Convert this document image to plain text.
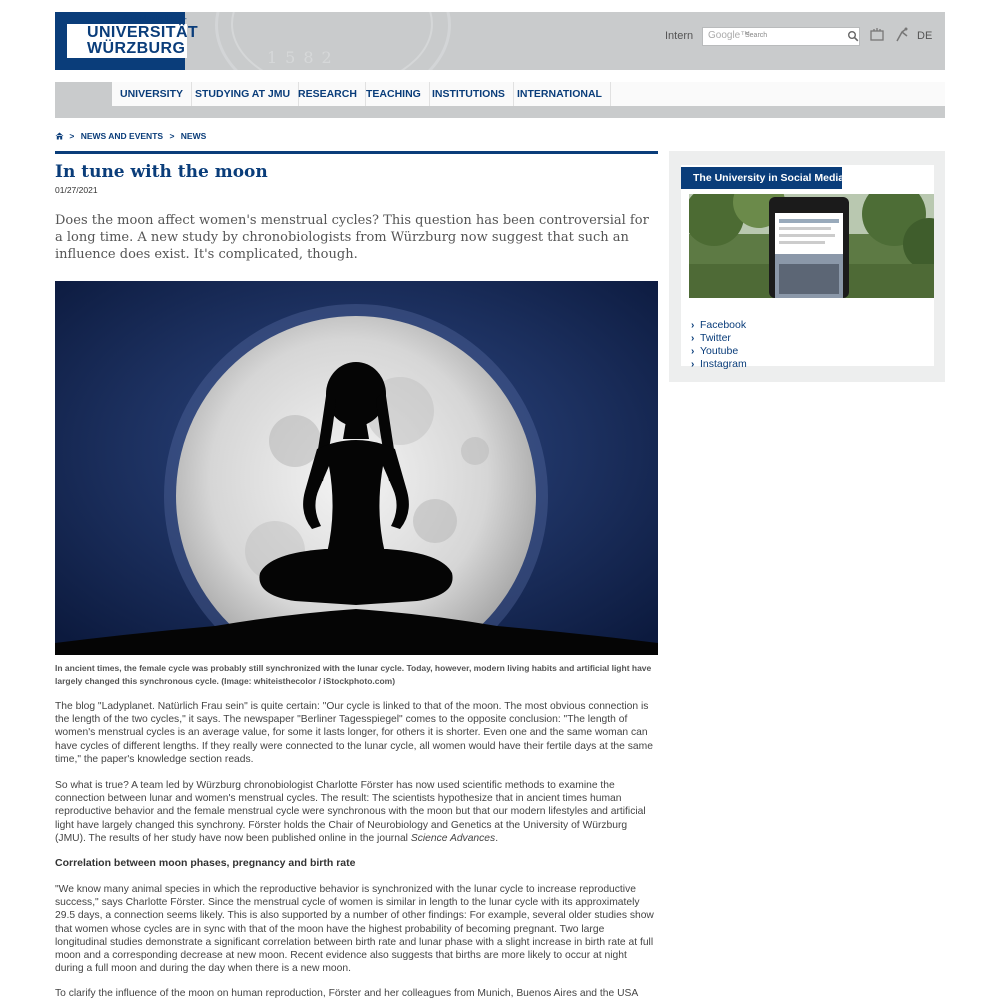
1582
Julius-Maximilians-
UNIVERSITÄT
WÜRZBURG
Intern Google™
Search	DE
UNIVERSITY	STUDYING AT JMU RESEARCH TEACHING	INSTITUTIONS	INTERNATIONAL
> NEWS AND EVENTS > NEWS
In tune with the moon
01/27/2021

Does the moon affect women's menstrual cycles? This question has been controversial for a long time. A new study by chronobiologists from Würzburg now suggest that such an influence does exist. It's complicated, though.

In ancient times, the female cycle was probably still synchronized with the lunar cycle. Today, however, modern living habits and artificial light have largely changed this synchronous cycle. (Image: whiteisthecolor / iStockphoto.com)

The blog "Ladyplanet. Natürlich Frau sein" is quite certain: "Our cycle is linked to that of the moon. The most obvious connection is the length of the two cycles," it says. The newspaper "Berliner Tagesspiegel" comes to the opposite conclusion: "The length of women's menstrual cycles is an average value, for some it lasts longer, for others it is shorter. Even one and the same woman can have cycles of different lengths. If they really were connected to the lunar cycle, all women would have their fertile days at the same time," the paper's knowledge section reads.

So what is true? A team led by Würzburg chronobiologist Charlotte Förster has now used scientific methods to examine the connection between lunar and women's menstrual cycles. The result: The scientists hypothesize that in ancient times human reproductive behavior and the female menstrual cycle were synchronous with the moon but that our modern lifestyles and artificial light have largely changed this synchrony. Förster holds the Chair of Neurobiology and Genetics at the University of Würzburg (JMU). The results of her study have now been published online in the journal Science Advances.

Correlation between moon phases, pregnancy and birth rate

"We know many animal species in which the reproductive behavior is synchronized with the lunar cycle to increase reproductive success," says Charlotte Förster. Since the menstrual cycle of women is similar in length to the lunar cycle with its approximately 29.5 days, a connection seems likely. This is also supported by a number of other findings: For example, several older studies show that women whose cycles are in sync with that of the moon have the highest probability of becoming pregnant. Two large longitudinal studies demonstrate a significant correlation between birth rate and lunar phase with a slight increase in birth rate at full moon and a corresponding decrease at new moon. Recent evidence also suggests that births are more likely to occur at night during a full moon and during the day when there is a new moon.

To clarify the influence of the moon on human reproduction, Förster and her colleagues from Munich, Buenos Aires and the USA

The University in Social Media
› Facebook
› Twitter
› Youtube
› Instagram
